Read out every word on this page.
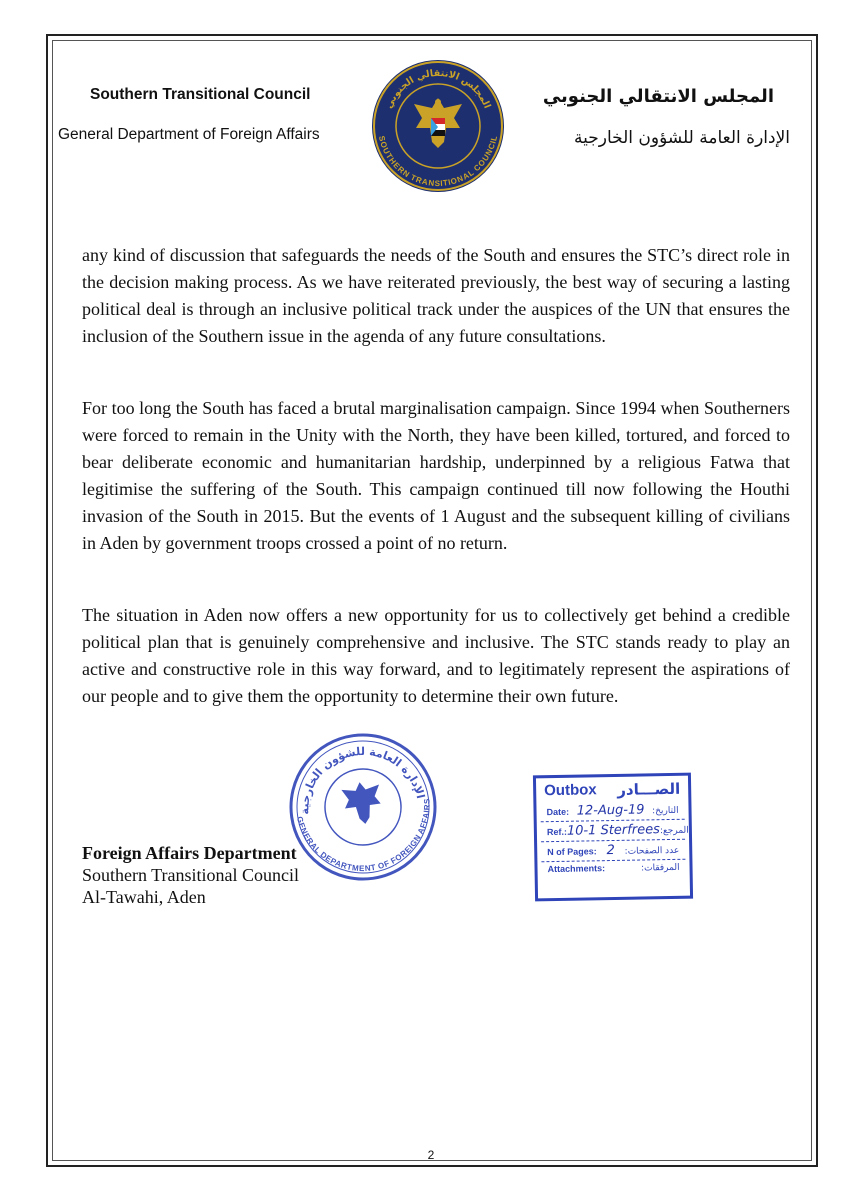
Southern Transitional Council
General Department of Foreign Affairs
المجلس الانتقالي الجنوبي
الإدارة العامة للشؤون الخارجية
المجلس الانتقالي الجنوبي
SOUTHERN TRANSITIONAL COUNCIL

any kind of discussion that safeguards the needs of the South and ensures the STC’s direct role in the decision making process. As we have reiterated previously, the best way of securing a lasting political deal is through an inclusive political track under the auspices of the UN that ensures the inclusion of the Southern issue in the agenda of any future consultations.

For too long the South has faced a brutal marginalisation campaign. Since 1994 when Southerners were forced to remain in the Unity with the North, they have been killed, tortured, and forced to bear deliberate economic and humanitarian hardship, underpinned by a religious Fatwa that legitimise the suffering of the South. This campaign continued till now following the Houthi invasion of the South in 2015. But the events of 1 August and the subsequent killing of civilians in Aden by government troops crossed a point of no return.

The situation in Aden now offers a new opportunity for us to collectively get behind a credible political plan that is genuinely comprehensive and inclusive. The STC stands ready to play an active and constructive role in this way forward, and to legitimately represent the aspirations of our people and to give them the opportunity to determine their own future.

الإدارة العامة للشؤون الخارجية
GENERAL DEPARTMENT OF FOREIGN AFFAIRS
Outbox الصـــادر
Date: 12-Aug-19 التاريخ:
Ref.: 10-1 Sterfrees المرجع:
N of Pages: 2	عدد الصفحات:
Attachments:	المرفقات:
Foreign Affairs Department
Southern Transitional Council
Al-Tawahi, Aden
2
